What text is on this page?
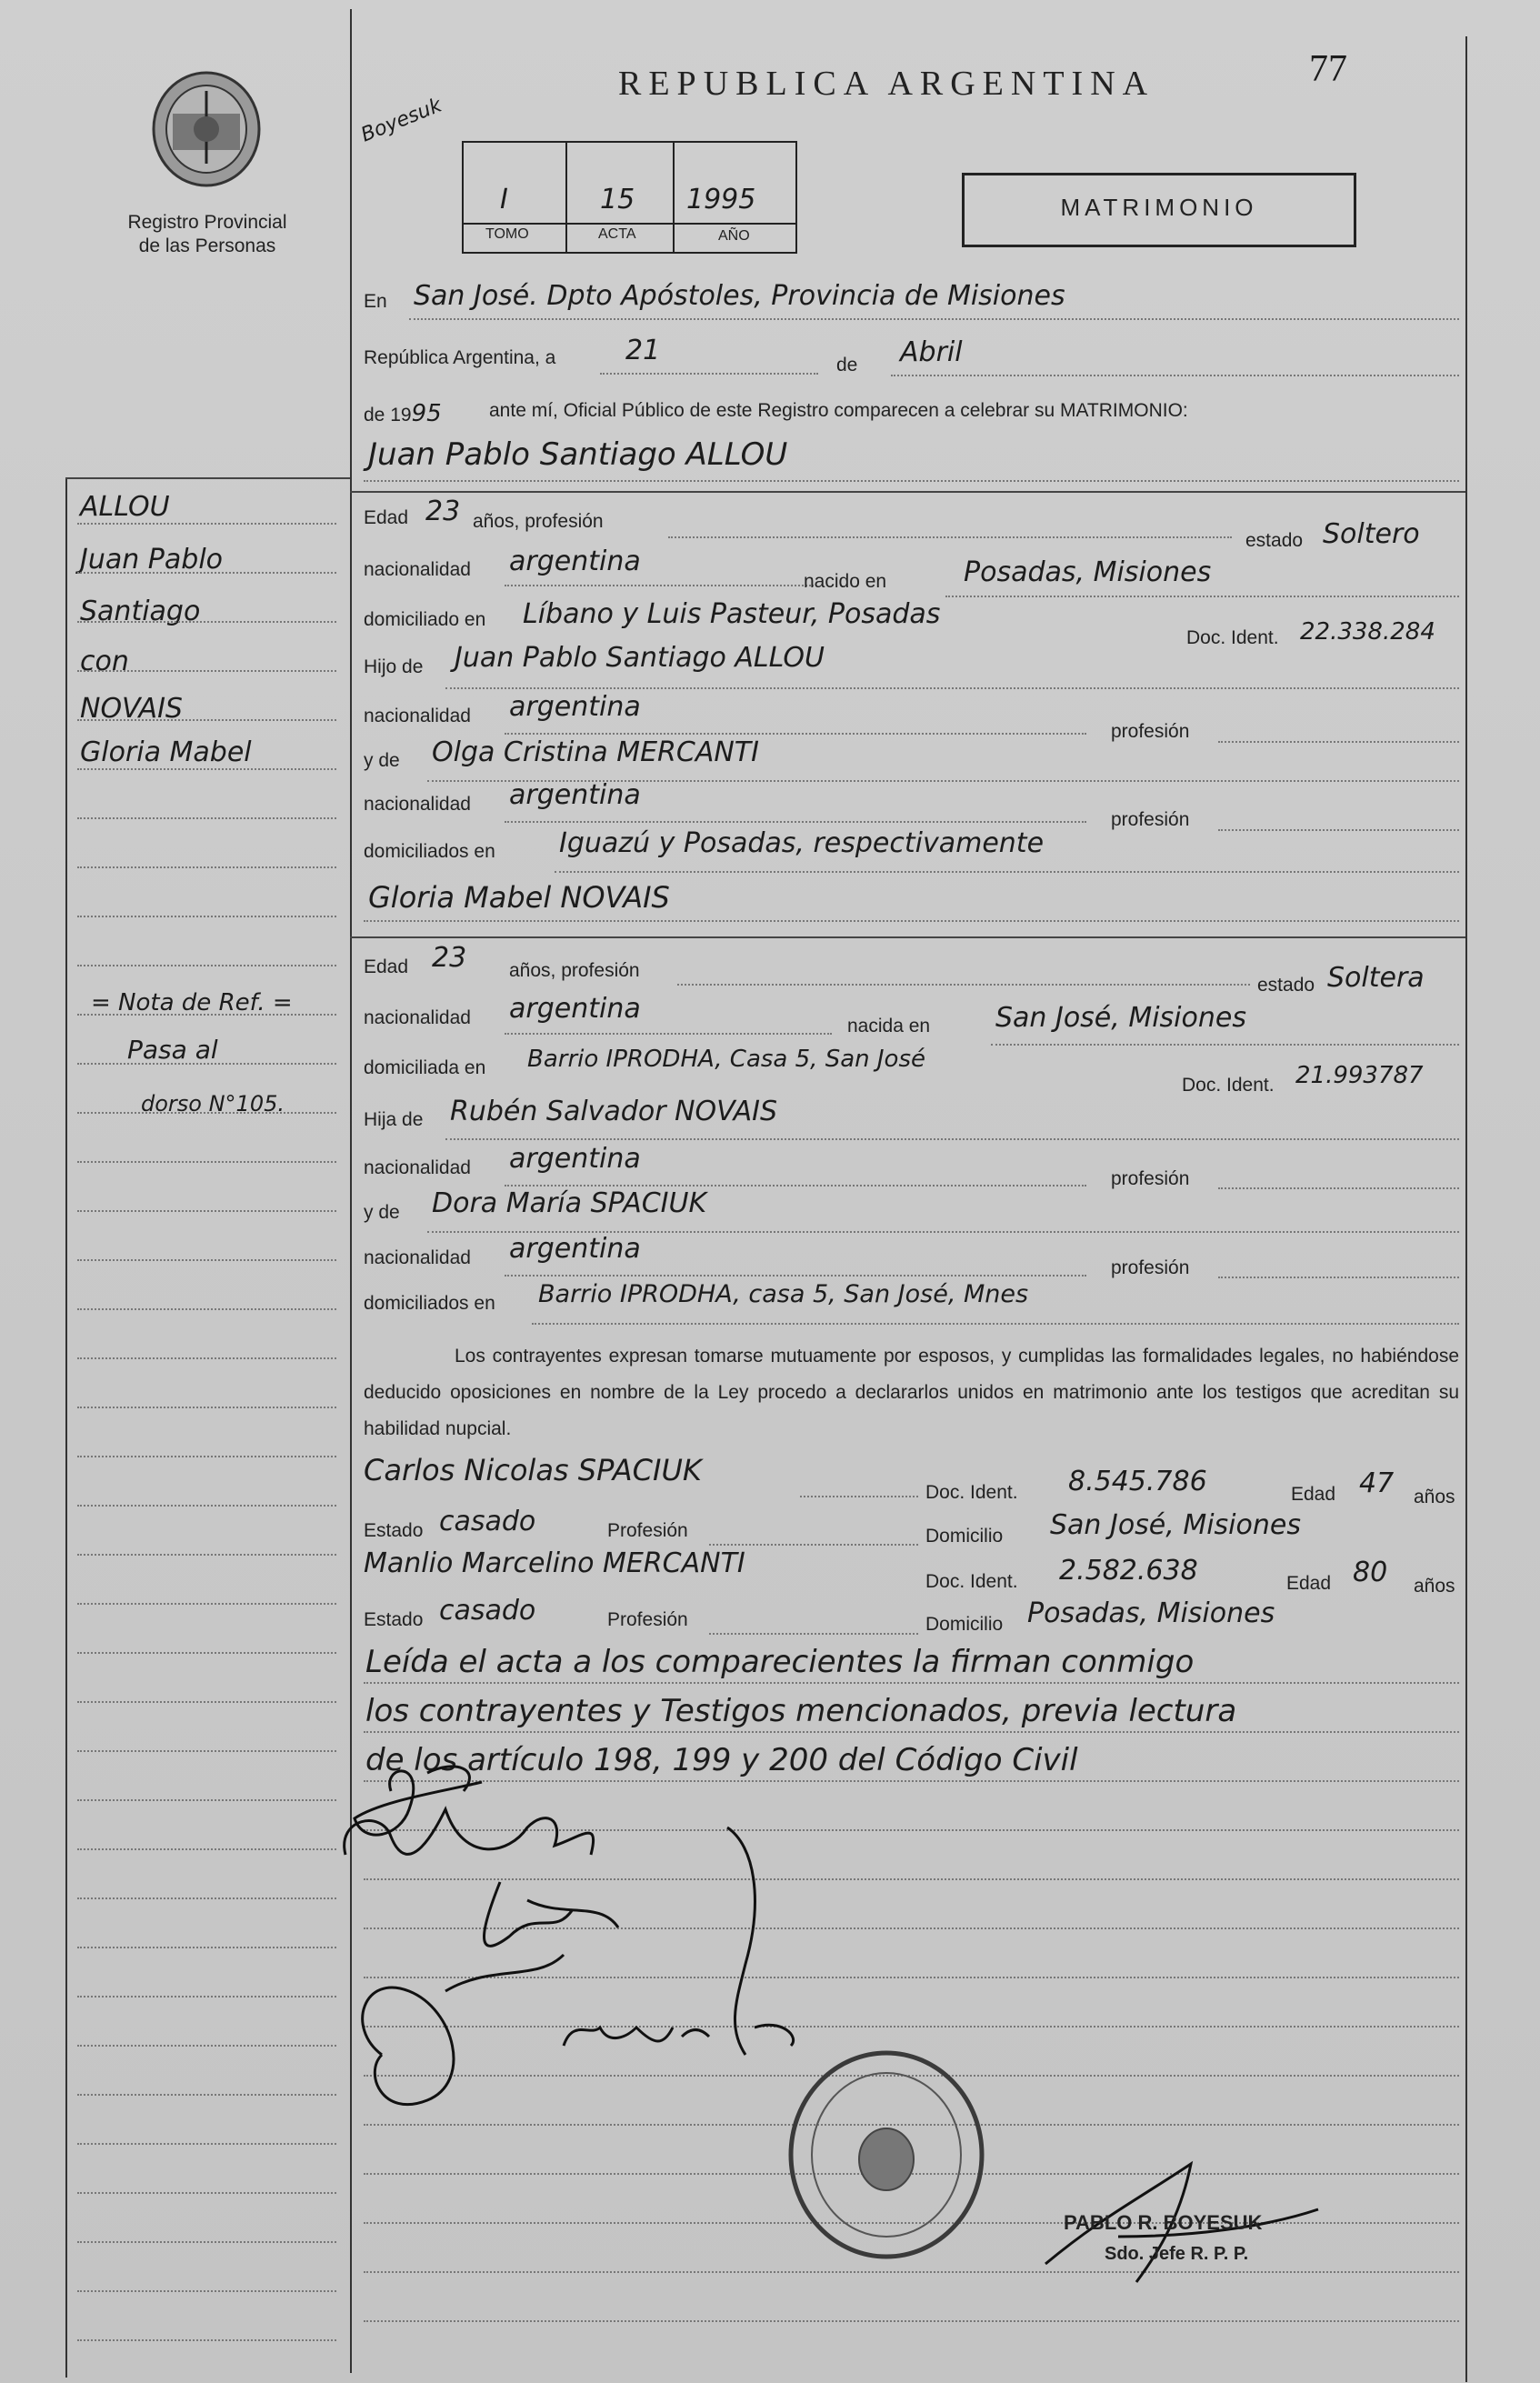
Registro Provincial
de las Personas
REPUBLICA ARGENTINA	77
Boyesuk
I	15 1995
TOMO	ACTA	AÑO
MATRIMONIO
En San José. Dpto Apóstoles, Provincia de Misiones
República Argentina, a	21	de Abril
de 1995 ante mí, Oficial Público de este Registro comparecen a celebrar su MATRIMONIO:
Juan Pablo Santiago ALLOU
ALLOU
Juan Pablo
Santiago
con
NOVAIS
Gloria Mabel
= Nota de Ref. =
Pasa al
dorso N°105.
Edad 23 años, profesión
estado Soltero
nacionalidad argentina
nacido en	Posadas, Misiones
domiciliado en Líbano y Luis Pasteur, Posadas
Doc. Ident. 22.338.284
Hijo de Juan Pablo Santiago ALLOU
nacionalidad argentina
profesión
y de Olga Cristina MERCANTI
nacionalidad argentina
profesión
domiciliados en Iguazú y Posadas, respectivamente
Gloria Mabel NOVAIS
Edad 23 años, profesión
estado Soltera
nacionalidad argentina
nacida en San José, Misiones
domiciliada en Barrio IPRODHA, Casa 5, San José
Doc. Ident. 21.993787
Hija de Rubén Salvador NOVAIS
nacionalidad argentina
profesión
y de Dora María SPACIUK
nacionalidad argentina
profesión
domiciliados en Barrio IPRODHA, casa 5, San José, Mnes
Los contrayentes expresan tomarse mutuamente por esposos, y cumplidas las formalidades legales, no habiéndose deducido oposiciones en nombre de la Ley procedo a declararlos unidos en matrimonio ante los testigos que acreditan su habilidad nupcial.
Carlos Nicolas SPACIUK
Doc. Ident. 8.545.786	Edad 47 años
Estado casado	Profesión	Domicilio San José, Misiones
Manlio Marcelino MERCANTI
Doc. Ident. 2.582.638	Edad 80 años
Estado casado	Profesión	Domicilio Posadas, Misiones
Leída el acta a los comparecientes la firman conmigo
los contrayentes y Testigos mencionados, previa lectura
de los artículo 198, 199 y 200 del Código Civil
PABLO R. BOYESUK
Sdo. Jefe R. P. P.
